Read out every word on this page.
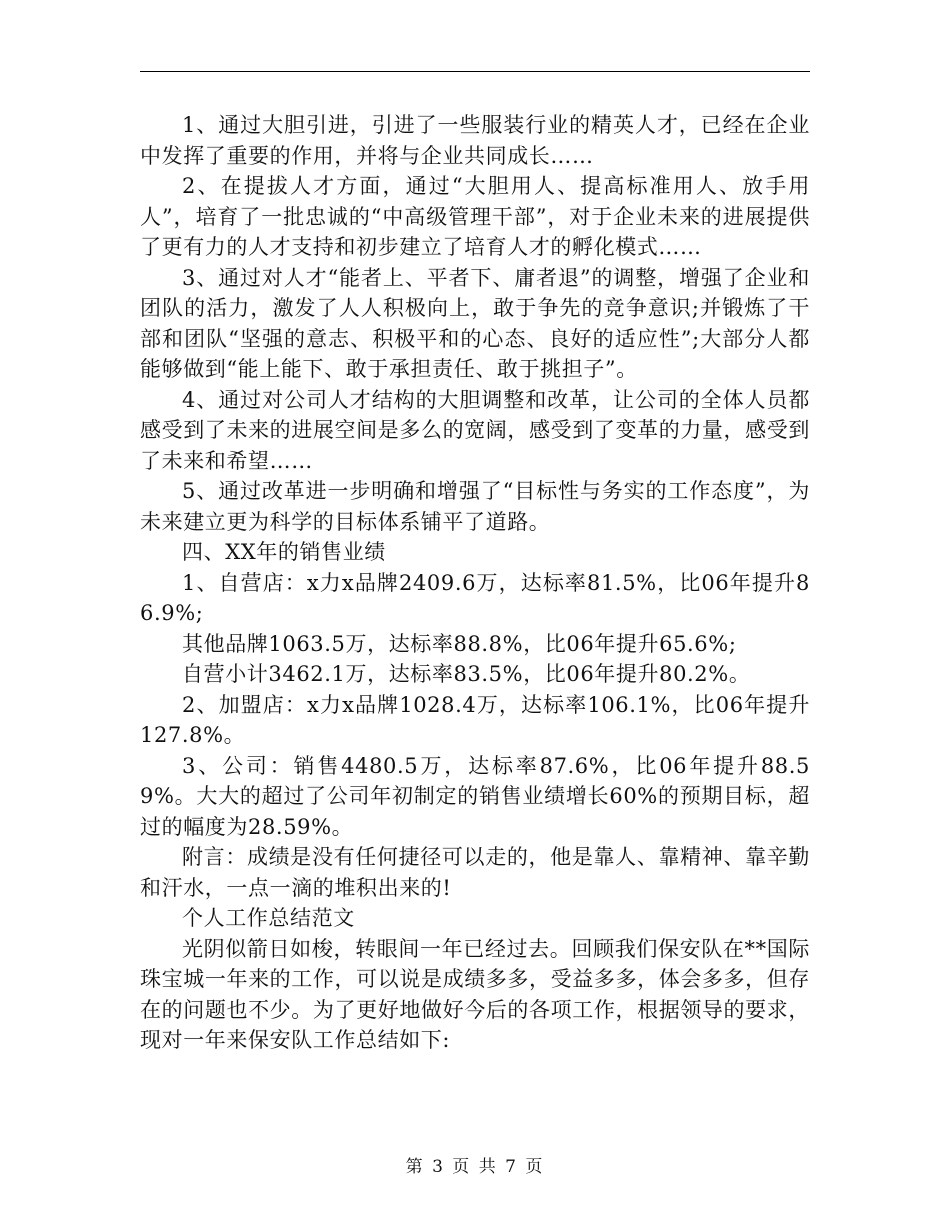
1、通过大胆引进，引进了一些服装行业的精英人才，已经在企业中发挥了重要的作用，并将与企业共同成长……

2、在提拔人才方面，通过“大胆用人、提高标准用人、放手用人”，培育了一批忠诚的“中高级管理干部”，对于企业未来的进展提供了更有力的人才支持和初步建立了培育人才的孵化模式……

3、通过对人才“能者上、平者下、庸者退”的调整，增强了企业和团队的活力，激发了人人积极向上，敢于争先的竞争意识;并锻炼了干部和团队“坚强的意志、积极平和的心态、良好的适应性”;大部分人都能够做到“能上能下、敢于承担责任、敢于挑担子”。

4、通过对公司人才结构的大胆调整和改革，让公司的全体人员都感受到了未来的进展空间是多么的宽阔，感受到了变革的力量，感受到了未来和希望……

5、通过改革进一步明确和增强了“目标性与务实的工作态度”，为未来建立更为科学的目标体系铺平了道路。

四、XX年的销售业绩

1、自营店：x力x品牌2409.6万，达标率81.5%，比06年提升86.9%;

其他品牌1063.5万，达标率88.8%，比06年提升65.6%;

自营小计3462.1万，达标率83.5%，比06年提升80.2%。

2、加盟店：x力x品牌1028.4万，达标率106.1%，比06年提升127.8%。

3、公司：销售4480.5万，达标率87.6%，比06年提升88.59%。大大的超过了公司年初制定的销售业绩增长60%的预期目标，超过的幅度为28.59%。

附言：成绩是没有任何捷径可以走的，他是靠人、靠精神、靠辛勤和汗水，一点一滴的堆积出来的!

个人工作总结范文

光阴似箭日如梭，转眼间一年已经过去。回顾我们保安队在**国际珠宝城一年来的工作，可以说是成绩多多，受益多多，体会多多，但存在的问题也不少。为了更好地做好今后的各项工作，根据领导的要求，现对一年来保安队工作总结如下:

第 3 页 共 7 页
